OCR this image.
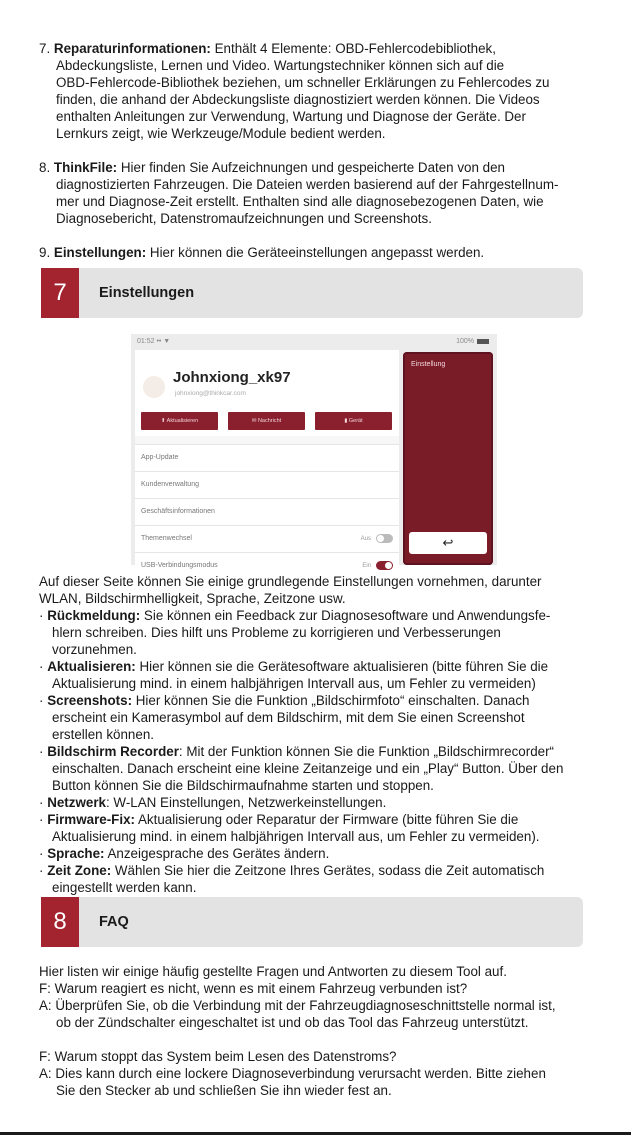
7. Reparaturinformationen: Enthält 4 Elemente: OBD-Fehlercodebibliothek,
Abdeckungsliste, Lernen und Video. Wartungstechniker können sich auf die
OBD-Fehlercode-Bibliothek beziehen, um schneller Erklärungen zu Fehlercodes zu
finden, die anhand der Abdeckungsliste diagnostiziert werden können. Die Videos
enthalten Anleitungen zur Verwendung, Wartung und Diagnose der Geräte. Der
Lernkurs zeigt, wie Werkzeuge/Module bedient werden.

8. ThinkFile: Hier finden Sie Aufzeichnungen und gespeicherte Daten von den
diagnostizierten Fahrzeugen. Die Dateien werden basierend auf der Fahrgestellnum-
mer und Diagnose-Zeit erstellt. Enthalten sind alle diagnosebezogenen Daten, wie
Diagnosebericht, Datenstromaufzeichnungen und Screenshots.

9. Einstellungen: Hier können die Geräteeinstellungen angepasst werden.

7	Einstellungen
01:52 •• ▼	100%
Johnxiong_xk97
johnxiong@thinkcar.com
⬆ Aktualisieren	✉ Nachricht	▮ Gerät
App-Update
Kundenverwaltung
Geschäftsinformationen
Themenwechsel	Aus
USB-Verbindungsmodus	Ein
Einstellung
↩

Auf dieser Seite können Sie einige grundlegende Einstellungen vornehmen, darunter
WLAN, Bildschirmhelligkeit, Sprache, Zeitzone usw.

· Rückmeldung: Sie können ein Feedback zur Diagnosesoftware und Anwendungsfe-
hlern schreiben. Dies hilft uns Probleme zu korrigieren und Verbesserungen
vorzunehmen.
· Aktualisieren: Hier können sie die Gerätesoftware aktualisieren (bitte führen Sie die
Aktualisierung mind. in einem halbjährigen Intervall aus, um Fehler zu vermeiden)
· Screenshots: Hier können Sie die Funktion „Bildschirmfoto“ einschalten. Danach
erscheint ein Kamerasymbol auf dem Bildschirm, mit dem Sie einen Screenshot
erstellen können.
· Bildschirm Recorder: Mit der Funktion können Sie die Funktion „Bildschirmrecorder“
einschalten. Danach erscheint eine kleine Zeitanzeige und ein „Play“ Button. Über den
Button können Sie die Bildschirmaufnahme starten und stoppen.
· Netzwerk: W-LAN Einstellungen, Netzwerkeinstellungen.
· Firmware-Fix: Aktualisierung oder Reparatur der Firmware (bitte führen Sie die
Aktualisierung mind. in einem halbjährigen Intervall aus, um Fehler zu vermeiden).
· Sprache: Anzeigesprache des Gerätes ändern.
· Zeit Zone: Wählen Sie hier die Zeitzone Ihres Gerätes, sodass die Zeit automatisch
eingestellt werden kann.
8	FAQ

Hier listen wir einige häufig gestellte Fragen und Antworten zu diesem Tool auf.

F: Warum reagiert es nicht, wenn es mit einem Fahrzeug verbunden ist?

A: Überprüfen Sie, ob die Verbindung mit der Fahrzeugdiagnoseschnittstelle normal ist,
ob der Zündschalter eingeschaltet ist und ob das Tool das Fahrzeug unterstützt.

F: Warum stoppt das System beim Lesen des Datenstroms?

A: Dies kann durch eine lockere Diagnoseverbindung verursacht werden. Bitte ziehen
Sie den Stecker ab und schließen Sie ihn wieder fest an.
